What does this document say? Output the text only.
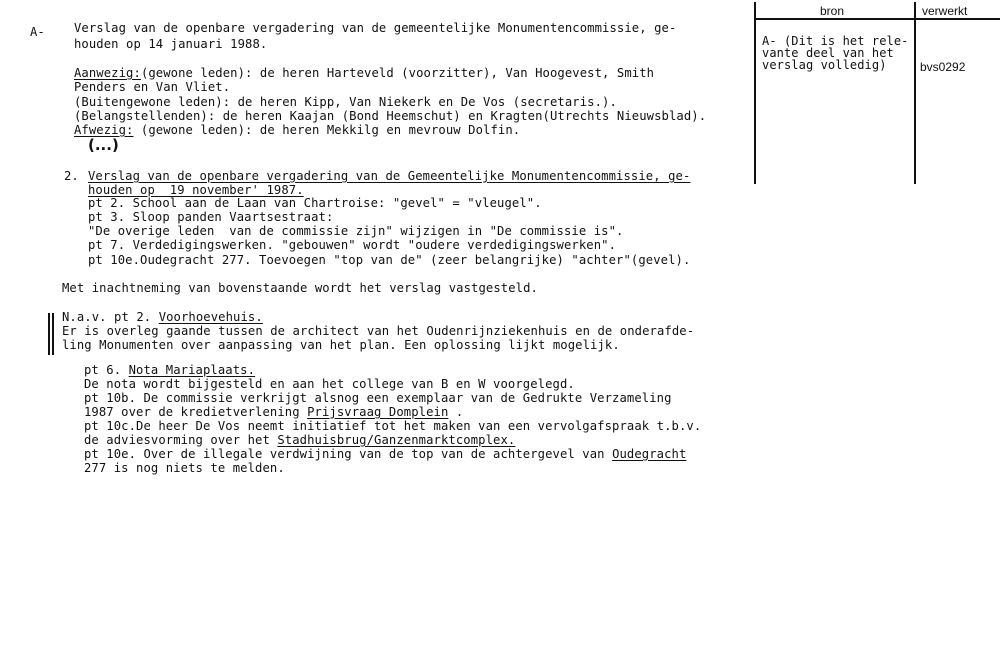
A- Verslag van de openbare vergadering van de gemeentelijke Monumentencommissie, ge-
houden op 14 januari 1988.
Aanwezig:(gewone leden): de heren Harteveld (voorzitter), Van Hoogevest, Smith
Penders en Van Vliet.
(Buitengewone leden): de heren Kipp, Van Niekerk en De Vos (secretaris.).
(Belangstellenden): de heren Kaajan (Bond Heemschut) en Kragten(Utrechts Nieuwsblad).
Afwezig: (gewone leden): de heren Mekkilg en mevrouw Dolfin.
(...)
2. Verslag van de openbare vergadering van de Gemeentelijke Monumentencommissie, ge-
houden op  19 november' 1987.
pt 2. School aan de Laan van Chartroise: "gevel" = "vleugel".
pt 3. Sloop panden Vaartsestraat:
"De overige leden  van de commissie zijn" wijzigen in "De commissie is".
pt 7. Verdedigingswerken. "gebouwen" wordt "oudere verdedigingswerken".
pt 10e.Oudegracht 277. Toevoegen "top van de" (zeer belangrijke) "achter"(gevel).
Met inachtneming van bovenstaande wordt het verslag vastgesteld.
N.a.v. pt 2. Voorhoevehuis.
Er is overleg gaande tussen de architect van het Oudenrijnziekenhuis en de onderafde-
ling Monumenten over aanpassing van het plan. Een oplossing lijkt mogelijk.
pt 6. Nota Mariaplaats.
De nota wordt bijgesteld en aan het college van B en W voorgelegd.
pt 10b. De commissie verkrijgt alsnog een exemplaar van de Gedrukte Verzameling
1987 over de kredietverlening Prijsvraag Domplein .
pt 10c.De heer De Vos neemt initiatief tot het maken van een vervolgafspraak t.b.v.
de adviesvorming over het Stadhuisbrug/Ganzenmarktcomplex.
pt 10e. Over de illegale verdwijning van de top van de achtergevel van Oudegracht
277 is nog niets te melden.
bron	verwerkt
A- (Dit is het rele-
vante deel van het
verslag volledig)	bvs0292
